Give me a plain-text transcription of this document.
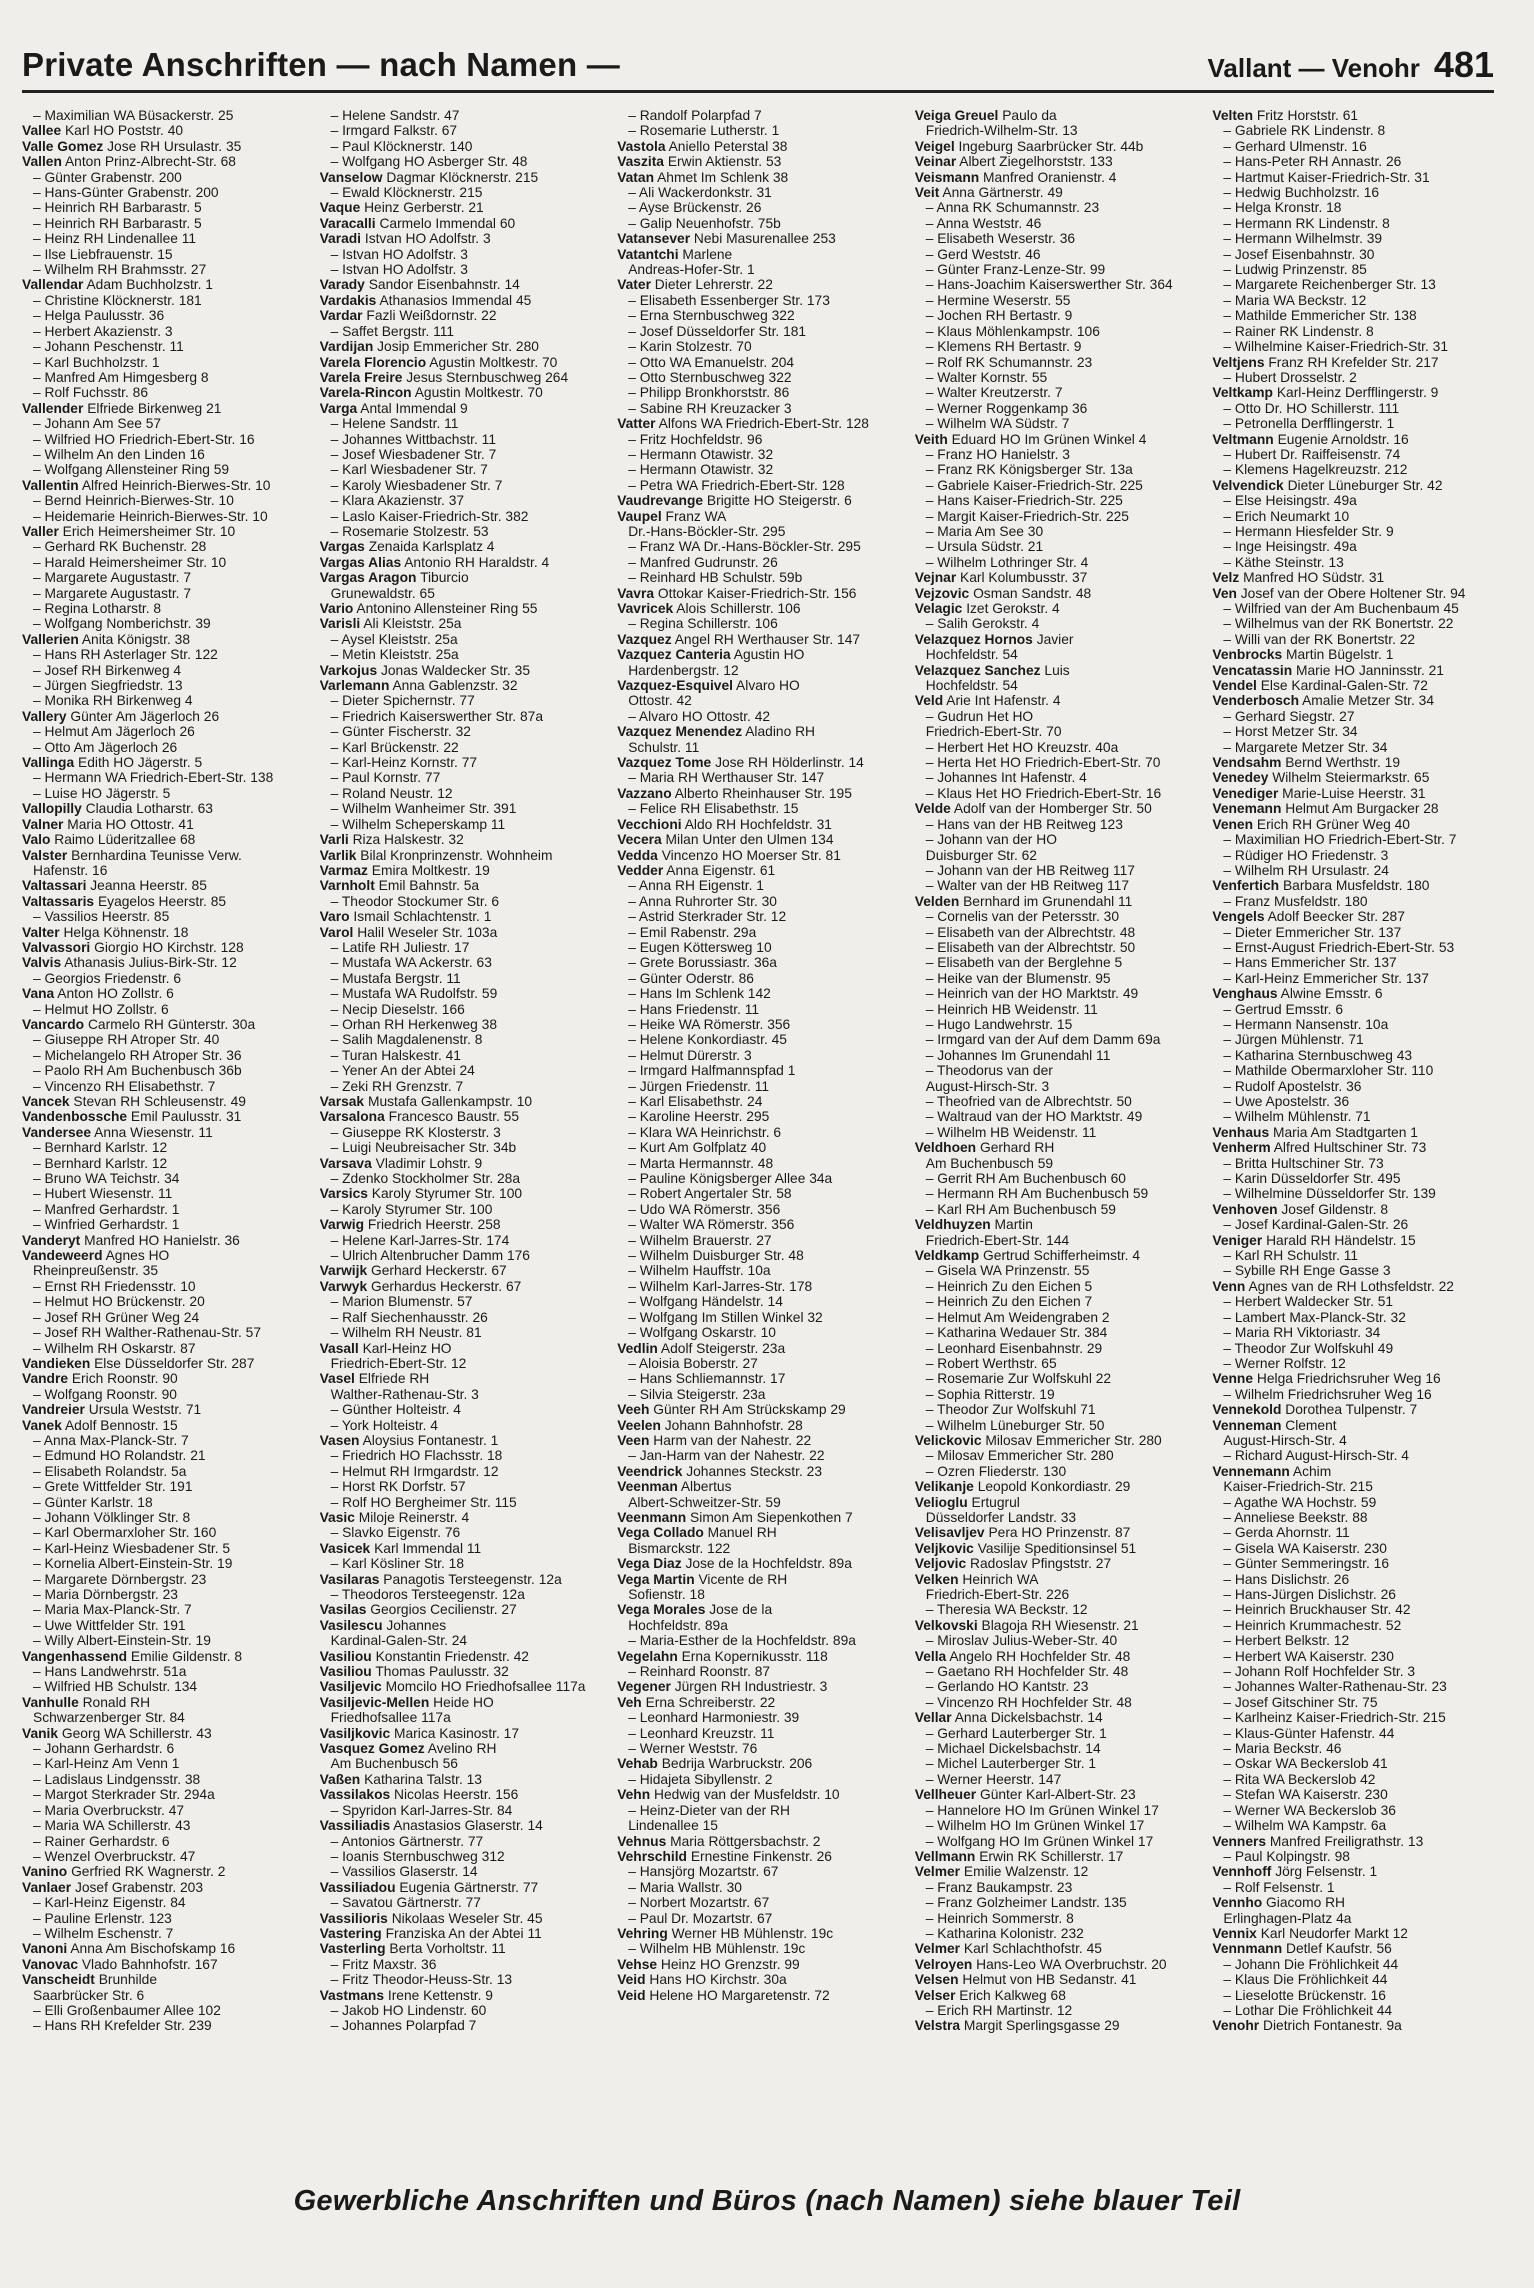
Private Anschriften — nach Namen —	Vallant — Venohr 481
– Maximilian WA Büsackerstr. 25
Vallee Karl HO Poststr. 40
Valle Gomez Jose RH Ursulastr. 35
Vallen Anton Prinz-Albrecht-Str. 68
– Günter Grabenstr. 200
– Hans-Günter Grabenstr. 200
– Heinrich RH Barbarastr. 5
– Heinrich RH Barbarastr. 5
– Heinz RH Lindenallee 11
– Ilse Liebfrauenstr. 15
– Wilhelm RH Brahmsstr. 27
Vallendar Adam Buchholzstr. 1
– Christine Klöcknerstr. 181
– Helga Paulusstr. 36
– Herbert Akazienstr. 3
– Johann Peschenstr. 11
– Karl Buchholzstr. 1
– Manfred Am Himgesberg 8
– Rolf Fuchsstr. 86
Vallender Elfriede Birkenweg 21
– Johann Am See 57
– Wilfried HO Friedrich-Ebert-Str. 16
– Wilhelm An den Linden 16
– Wolfgang Allensteiner Ring 59
Vallentin Alfred Heinrich-Bierwes-Str. 10
– Bernd Heinrich-Bierwes-Str. 10
– Heidemarie Heinrich-Bierwes-Str. 10
Valler Erich Heimersheimer Str. 10
– Gerhard RK Buchenstr. 28
– Harald Heimersheimer Str. 10
– Margarete Augustastr. 7
– Margarete Augustastr. 7
– Regina Lotharstr. 8
– Wolfgang Nomberichstr. 39
Vallerien Anita Königstr. 38
– Hans RH Asterlager Str. 122
– Josef RH Birkenweg 4
– Jürgen Siegfriedstr. 13
– Monika RH Birkenweg 4
Vallery Günter Am Jägerloch 26
– Helmut Am Jägerloch 26
– Otto Am Jägerloch 26
Vallinga Edith HO Jägerstr. 5
– Hermann WA Friedrich-Ebert-Str. 138
– Luise HO Jägerstr. 5
Vallopilly Claudia Lotharstr. 63
Valner Maria HO Ottostr. 41
Valo Raimo Lüderitzallee 68
Valster Bernhardina Teunisse Verw.
Hafenstr. 16
Valtassari Jeanna Heerstr. 85
Valtassaris Eyagelos Heerstr. 85
– Vassilios Heerstr. 85
Valter Helga Köhnenstr. 18
Valvassori Giorgio HO Kirchstr. 128
Valvis Athanasis Julius-Birk-Str. 12
– Georgios Friedenstr. 6
Vana Anton HO Zollstr. 6
– Helmut HO Zollstr. 6
Vancardo Carmelo RH Günterstr. 30a
– Giuseppe RH Atroper Str. 40
– Michelangelo RH Atroper Str. 36
– Paolo RH Am Buchenbusch 36b
– Vincenzo RH Elisabethstr. 7
Vancek Stevan RH Schleusenstr. 49
Vandenbossche Emil Paulusstr. 31
Vandersee Anna Wiesenstr. 11
– Bernhard Karlstr. 12
– Bernhard Karlstr. 12
– Bruno WA Teichstr. 34
– Hubert Wiesenstr. 11
– Manfred Gerhardstr. 1
– Winfried Gerhardstr. 1
Vanderyt Manfred HO Hanielstr. 36
Vandeweerd Agnes HO
Rheinpreußenstr. 35
– Ernst RH Friedensstr. 10
– Helmut HO Brückenstr. 20
– Josef RH Grüner Weg 24
– Josef RH Walther-Rathenau-Str. 57
– Wilhelm RH Oskarstr. 87
Vandieken Else Düsseldorfer Str. 287
Vandre Erich Roonstr. 90
– Wolfgang Roonstr. 90
Vandreier Ursula Weststr. 71
Vanek Adolf Bennostr. 15
– Anna Max-Planck-Str. 7
– Edmund HO Rolandstr. 21
– Elisabeth Rolandstr. 5a
– Grete Wittfelder Str. 191
– Günter Karlstr. 18
– Johann Völklinger Str. 8
– Karl Obermarxloher Str. 160
– Karl-Heinz Wiesbadener Str. 5
– Kornelia Albert-Einstein-Str. 19
– Margarete Dörnbergstr. 23
– Maria Dörnbergstr. 23
– Maria Max-Planck-Str. 7
– Uwe Wittfelder Str. 191
– Willy Albert-Einstein-Str. 19
Vangenhassend Emilie Gildenstr. 8
– Hans Landwehrstr. 51a
– Wilfried HB Schulstr. 134
Vanhulle Ronald RH
Schwarzenberger Str. 84
Vanik Georg WA Schillerstr. 43
– Johann Gerhardstr. 6
– Karl-Heinz Am Venn 1
– Ladislaus Lindgensstr. 38
– Margot Sterkrader Str. 294a
– Maria Overbruckstr. 47
– Maria WA Schillerstr. 43
– Rainer Gerhardstr. 6
– Wenzel Overbruckstr. 47
Vanino Gerfried RK Wagnerstr. 2
Vanlaer Josef Grabenstr. 203
– Karl-Heinz Eigenstr. 84
– Pauline Erlenstr. 123
– Wilhelm Eschenstr. 7
Vanoni Anna Am Bischofskamp 16
Vanovac Vlado Bahnhofstr. 167
Vanscheidt Brunhilde
Saarbrücker Str. 6
– Elli Großenbaumer Allee 102
– Hans RH Krefelder Str. 239
– Helene Sandstr. 47
– Irmgard Falkstr. 67
– Paul Klöcknerstr. 140
– Wolfgang HO Asberger Str. 48
Vanselow Dagmar Klöcknerstr. 215
– Ewald Klöcknerstr. 215
Vaque Heinz Gerberstr. 21
Varacalli Carmelo Immendal 60
Varadi Istvan HO Adolfstr. 3
– Istvan HO Adolfstr. 3
– Istvan HO Adolfstr. 3
Varady Sandor Eisenbahnstr. 14
Vardakis Athanasios Immendal 45
Vardar Fazli Weißdornstr. 22
– Saffet Bergstr. 111
Vardijan Josip Emmericher Str. 280
Varela Florencio Agustin Moltkestr. 70
Varela Freire Jesus Sternbuschweg 264
Varela-Rincon Agustin Moltkestr. 70
Varga Antal Immendal 9
– Helene Sandstr. 11
– Johannes Wittbachstr. 11
– Josef Wiesbadener Str. 7
– Karl Wiesbadener Str. 7
– Karoly Wiesbadener Str. 7
– Klara Akazienstr. 37
– Laslo Kaiser-Friedrich-Str. 382
– Rosemarie Stolzestr. 53
Vargas Zenaida Karlsplatz 4
Vargas Alias Antonio RH Haraldstr. 4
Vargas Aragon Tiburcio
Grunewaldstr. 65
Vario Antonino Allensteiner Ring 55
Varisli Ali Kleiststr. 25a
– Aysel Kleiststr. 25a
– Metin Kleiststr. 25a
Varkojus Jonas Waldecker Str. 35
Varlemann Anna Gablenzstr. 32
– Dieter Spichernstr. 77
– Friedrich Kaiserswerther Str. 87a
– Günter Fischerstr. 32
– Karl Brückenstr. 22
– Karl-Heinz Kornstr. 77
– Paul Kornstr. 77
– Roland Neustr. 12
– Wilhelm Wanheimer Str. 391
– Wilhelm Scheperskamp 11
Varli Riza Halskestr. 32
Varlik Bilal Kronprinzenstr. Wohnheim
Varmaz Emira Moltkestr. 19
Varnholt Emil Bahnstr. 5a
– Theodor Stockumer Str. 6
Varo Ismail Schlachtenstr. 1
Varol Halil Weseler Str. 103a
– Latife RH Juliestr. 17
– Mustafa WA Ackerstr. 63
– Mustafa Bergstr. 11
– Mustafa WA Rudolfstr. 59
– Necip Dieselstr. 166
– Orhan RH Herkenweg 38
– Salih Magdalenenstr. 8
– Turan Halskestr. 41
– Yener An der Abtei 24
– Zeki RH Grenzstr. 7
Varsak Mustafa Gallenkampstr. 10
Varsalona Francesco Baustr. 55
– Giuseppe RK Klosterstr. 3
– Luigi Neubreisacher Str. 34b
Varsava Vladimir Lohstr. 9
– Zdenko Stockholmer Str. 28a
Varsics Karoly Styrumer Str. 100
– Karoly Styrumer Str. 100
Varwig Friedrich Heerstr. 258
– Helene Karl-Jarres-Str. 174
– Ulrich Altenbrucher Damm 176
Varwijk Gerhard Heckerstr. 67
Varwyk Gerhardus Heckerstr. 67
– Marion Blumenstr. 57
– Ralf Siechenhausstr. 26
– Wilhelm RH Neustr. 81
Vasall Karl-Heinz HO
Friedrich-Ebert-Str. 12
Vasel Elfriede RH
Walther-Rathenau-Str. 3
– Günther Holteistr. 4
– York Holteistr. 4
Vasen Aloysius Fontanestr. 1
– Friedrich HO Flachsstr. 18
– Helmut RH Irmgardstr. 12
– Horst RK Dorfstr. 57
– Rolf HO Bergheimer Str. 115
Vasic Miloje Reinerstr. 4
– Slavko Eigenstr. 76
Vasicek Karl Immendal 11
– Karl Kösliner Str. 18
Vasilaras Panagotis Tersteegenstr. 12a
– Theodoros Tersteegenstr. 12a
Vasilas Georgios Cecilienstr. 27
Vasilescu Johannes
Kardinal-Galen-Str. 24
Vasiliou Konstantin Friedenstr. 42
Vasiliou Thomas Paulusstr. 32
Vasiljevic Momcilo HO Friedhofsallee 117a
Vasiljevic-Mellen Heide HO
Friedhofsallee 117a
Vasiljkovic Marica Kasinostr. 17
Vasquez Gomez Avelino RH
Am Buchenbusch 56
Vaßen Katharina Talstr. 13
Vassilakos Nicolas Heerstr. 156
– Spyridon Karl-Jarres-Str. 84
Vassiliadis Anastasios Glaserstr. 14
– Antonios Gärtnerstr. 77
– Ioanis Sternbuschweg 312
– Vassilios Glaserstr. 14
Vassiliadou Eugenia Gärtnerstr. 77
– Savatou Gärtnerstr. 77
Vassilioris Nikolaas Weseler Str. 45
Vastering Franziska An der Abtei 11
Vasterling Berta Vorholtstr. 11
– Fritz Maxstr. 36
– Fritz Theodor-Heuss-Str. 13
Vastmans Irene Kettenstr. 9
– Jakob HO Lindenstr. 60
– Johannes Polarpfad 7
– Randolf Polarpfad 7
– Rosemarie Lutherstr. 1
Vastola Aniello Peterstal 38
Vaszita Erwin Aktienstr. 53
Vatan Ahmet Im Schlenk 38
– Ali Wackerdonkstr. 31
– Ayse Brückenstr. 26
– Galip Neuenhofstr. 75b
Vatansever Nebi Masurenallee 253
Vatantchi Marlene
Andreas-Hofer-Str. 1
Vater Dieter Lehrerstr. 22
– Elisabeth Essenberger Str. 173
– Erna Sternbuschweg 322
– Josef Düsseldorfer Str. 181
– Karin Stolzestr. 70
– Otto WA Emanuelstr. 204
– Otto Sternbuschweg 322
– Philipp Bronkhorststr. 86
– Sabine RH Kreuzacker 3
Vatter Alfons WA Friedrich-Ebert-Str. 128
– Fritz Hochfeldstr. 96
– Hermann Otawistr. 32
– Hermann Otawistr. 32
– Petra WA Friedrich-Ebert-Str. 128
Vaudrevange Brigitte HO Steigerstr. 6
Vaupel Franz WA
Dr.-Hans-Böckler-Str. 295
– Franz WA Dr.-Hans-Böckler-Str. 295
– Manfred Gudrunstr. 26
– Reinhard HB Schulstr. 59b
Vavra Ottokar Kaiser-Friedrich-Str. 156
Vavricek Alois Schillerstr. 106
– Regina Schillerstr. 106
Vazquez Angel RH Werthauser Str. 147
Vazquez Canteria Agustin HO
Hardenbergstr. 12
Vazquez-Esquivel Alvaro HO
Ottostr. 42
– Alvaro HO Ottostr. 42
Vazquez Menendez Aladino RH
Schulstr. 11
Vazquez Tome Jose RH Hölderlinstr. 14
– Maria RH Werthauser Str. 147
Vazzano Alberto Rheinhauser Str. 195
– Felice RH Elisabethstr. 15
Vecchioni Aldo RH Hochfeldstr. 31
Vecera Milan Unter den Ulmen 134
Vedda Vincenzo HO Moerser Str. 81
Vedder Anna Eigenstr. 61
– Anna RH Eigenstr. 1
– Anna Ruhrorter Str. 30
– Astrid Sterkrader Str. 12
– Emil Rabenstr. 29a
– Eugen Köttersweg 10
– Grete Borussiastr. 36a
– Günter Oderstr. 86
– Hans Im Schlenk 142
– Hans Friedenstr. 11
– Heike WA Römerstr. 356
– Helene Konkordiastr. 45
– Helmut Dürerstr. 3
– Irmgard Halfmannspfad 1
– Jürgen Friedenstr. 11
– Karl Elisabethstr. 24
– Karoline Heerstr. 295
– Klara WA Heinrichstr. 6
– Kurt Am Golfplatz 40
– Marta Hermannstr. 48
– Pauline Königsberger Allee 34a
– Robert Angertaler Str. 58
– Udo WA Römerstr. 356
– Walter WA Römerstr. 356
– Wilhelm Brauerstr. 27
– Wilhelm Duisburger Str. 48
– Wilhelm Hauffstr. 10a
– Wilhelm Karl-Jarres-Str. 178
– Wolfgang Händelstr. 14
– Wolfgang Im Stillen Winkel 32
– Wolfgang Oskarstr. 10
Vedlin Adolf Steigerstr. 23a
– Aloisia Boberstr. 27
– Hans Schliemannstr. 17
– Silvia Steigerstr. 23a
Veeh Günter RH Am Strückskamp 29
Veelen Johann Bahnhofstr. 28
Veen Harm van der Nahestr. 22
– Jan-Harm van der Nahestr. 22
Veendrick Johannes Steckstr. 23
Veenman Albertus
Albert-Schweitzer-Str. 59
Veenmann Simon Am Siepenkothen 7
Vega Collado Manuel RH
Bismarckstr. 122
Vega Diaz Jose de la Hochfeldstr. 89a
Vega Martin Vicente de RH
Sofienstr. 18
Vega Morales Jose de la
Hochfeldstr. 89a
– Maria-Esther de la Hochfeldstr. 89a
Vegelahn Erna Kopernikusstr. 118
– Reinhard Roonstr. 87
Vegener Jürgen RH Industriestr. 3
Veh Erna Schreiberstr. 22
– Leonhard Harmoniestr. 39
– Leonhard Kreuzstr. 11
– Werner Weststr. 76
Vehab Bedrija Warbruckstr. 206
– Hidajeta Sibyllenstr. 2
Vehn Hedwig van der Musfeldstr. 10
– Heinz-Dieter van der RH
Lindenallee 15
Vehnus Maria Röttgersbachstr. 2
Vehrschild Ernestine Finkenstr. 26
– Hansjörg Mozartstr. 67
– Maria Wallstr. 30
– Norbert Mozartstr. 67
– Paul Dr. Mozartstr. 67
Vehring Werner HB Mühlenstr. 19c
– Wilhelm HB Mühlenstr. 19c
Vehse Heinz HO Grenzstr. 99
Veid Hans HO Kirchstr. 30a
Veid Helene HO Margaretenstr. 72
Veiga Greuel Paulo da
Friedrich-Wilhelm-Str. 13
Veigel Ingeburg Saarbrücker Str. 44b
Veinar Albert Ziegelhorststr. 133
Veismann Manfred Oranienstr. 4
Veit Anna Gärtnerstr. 49
– Anna RK Schumannstr. 23
– Anna Weststr. 46
– Elisabeth Weserstr. 36
– Gerd Weststr. 46
– Günter Franz-Lenze-Str. 99
– Hans-Joachim Kaiserswerther Str. 364
– Hermine Weserstr. 55
– Jochen RH Bertastr. 9
– Klaus Möhlenkampstr. 106
– Klemens RH Bertastr. 9
– Rolf RK Schumannstr. 23
– Walter Kornstr. 55
– Walter Kreutzerstr. 7
– Werner Roggenkamp 36
– Wilhelm WA Südstr. 7
Veith Eduard HO Im Grünen Winkel 4
– Franz HO Hanielstr. 3
– Franz RK Königsberger Str. 13a
– Gabriele Kaiser-Friedrich-Str. 225
– Hans Kaiser-Friedrich-Str. 225
– Margit Kaiser-Friedrich-Str. 225
– Maria Am See 30
– Ursula Südstr. 21
– Wilhelm Lothringer Str. 4
Vejnar Karl Kolumbusstr. 37
Vejzovic Osman Sandstr. 48
Velagic Izet Gerokstr. 4
– Salih Gerokstr. 4
Velazquez Hornos Javier
Hochfeldstr. 54
Velazquez Sanchez Luis
Hochfeldstr. 54
Veld Arie Int Hafenstr. 4
– Gudrun Het HO
Friedrich-Ebert-Str. 70
– Herbert Het HO Kreuzstr. 40a
– Herta Het HO Friedrich-Ebert-Str. 70
– Johannes Int Hafenstr. 4
– Klaus Het HO Friedrich-Ebert-Str. 16
Velde Adolf van der Homberger Str. 50
– Hans van der HB Reitweg 123
– Johann van der HO
Duisburger Str. 62
– Johann van der HB Reitweg 117
– Walter van der HB Reitweg 117
Velden Bernhard im Grunendahl 11
– Cornelis van der Petersstr. 30
– Elisabeth van der Albrechtstr. 48
– Elisabeth van der Albrechtstr. 50
– Elisabeth van der Berglehne 5
– Heike van der Blumenstr. 95
– Heinrich van der HO Marktstr. 49
– Heinrich HB Weidenstr. 11
– Hugo Landwehrstr. 15
– Irmgard van der Auf dem Damm 69a
– Johannes Im Grunendahl 11
– Theodorus van der
August-Hirsch-Str. 3
– Theofried van de Albrechtstr. 50
– Waltraud van der HO Marktstr. 49
– Wilhelm HB Weidenstr. 11
Veldhoen Gerhard RH
Am Buchenbusch 59
– Gerrit RH Am Buchenbusch 60
– Hermann RH Am Buchenbusch 59
– Karl RH Am Buchenbusch 59
Veldhuyzen Martin
Friedrich-Ebert-Str. 144
Veldkamp Gertrud Schifferheimstr. 4
– Gisela WA Prinzenstr. 55
– Heinrich Zu den Eichen 5
– Heinrich Zu den Eichen 7
– Helmut Am Weidengraben 2
– Katharina Wedauer Str. 384
– Leonhard Eisenbahnstr. 29
– Robert Werthstr. 65
– Rosemarie Zur Wolfskuhl 22
– Sophia Ritterstr. 19
– Theodor Zur Wolfskuhl 71
– Wilhelm Lüneburger Str. 50
Velickovic Milosav Emmericher Str. 280
– Milosav Emmericher Str. 280
– Ozren Fliederstr. 130
Velikanje Leopold Konkordiastr. 29
Velioglu Ertugrul
Düsseldorfer Landstr. 33
Velisavljev Pera HO Prinzenstr. 87
Veljkovic Vasilije Speditionsinsel 51
Veljovic Radoslav Pfingststr. 27
Velken Heinrich WA
Friedrich-Ebert-Str. 226
– Theresia WA Beckstr. 12
Velkovski Blagoja RH Wiesenstr. 21
– Miroslav Julius-Weber-Str. 40
Vella Angelo RH Hochfelder Str. 48
– Gaetano RH Hochfelder Str. 48
– Gerlando HO Kantstr. 23
– Vincenzo RH Hochfelder Str. 48
Vellar Anna Dickelsbachstr. 14
– Gerhard Lauterberger Str. 1
– Michael Dickelsbachstr. 14
– Michel Lauterberger Str. 1
– Werner Heerstr. 147
Vellheuer Günter Karl-Albert-Str. 23
– Hannelore HO Im Grünen Winkel 17
– Wilhelm HO Im Grünen Winkel 17
– Wolfgang HO Im Grünen Winkel 17
Vellmann Erwin RK Schillerstr. 17
Velmer Emilie Walzenstr. 12
– Franz Baukampstr. 23
– Franz Golzheimer Landstr. 135
– Heinrich Sommerstr. 8
– Katharina Kolonistr. 232
Velmer Karl Schlachthofstr. 45
Velroyen Hans-Leo WA Overbruchstr. 20
Velsen Helmut von HB Sedanstr. 41
Velser Erich Kalkweg 68
– Erich RH Martinstr. 12
Velstra Margit Sperlingsgasse 29
Velten Fritz Horststr. 61
– Gabriele RK Lindenstr. 8
– Gerhard Ulmenstr. 16
– Hans-Peter RH Annastr. 26
– Hartmut Kaiser-Friedrich-Str. 31
– Hedwig Buchholzstr. 16
– Helga Kronstr. 18
– Hermann RK Lindenstr. 8
– Hermann Wilhelmstr. 39
– Josef Eisenbahnstr. 30
– Ludwig Prinzenstr. 85
– Margarete Reichenberger Str. 13
– Maria WA Beckstr. 12
– Mathilde Emmericher Str. 138
– Rainer RK Lindenstr. 8
– Wilhelmine Kaiser-Friedrich-Str. 31
Veltjens Franz RH Krefelder Str. 217
– Hubert Drosselstr. 2
Veltkamp Karl-Heinz Derfflingerstr. 9
– Otto Dr. HO Schillerstr. 111
– Petronella Derfflingerstr. 1
Veltmann Eugenie Arnoldstr. 16
– Hubert Dr. Raiffeisenstr. 74
– Klemens Hagelkreuzstr. 212
Velvendick Dieter Lüneburger Str. 42
– Else Heisingstr. 49a
– Erich Neumarkt 10
– Hermann Hiesfelder Str. 9
– Inge Heisingstr. 49a
– Käthe Steinstr. 13
Velz Manfred HO Südstr. 31
Ven Josef van der Obere Holtener Str. 94
– Wilfried van der Am Buchenbaum 45
– Wilhelmus van der RK Bonertstr. 22
– Willi van der RK Bonertstr. 22
Venbrocks Martin Bügelstr. 1
Vencatassin Marie HO Janninsstr. 21
Vendel Else Kardinal-Galen-Str. 72
Venderbosch Amalie Metzer Str. 34
– Gerhard Siegstr. 27
– Horst Metzer Str. 34
– Margarete Metzer Str. 34
Vendsahm Bernd Werthstr. 19
Venedey Wilhelm Steiermarkstr. 65
Venediger Marie-Luise Heerstr. 31
Venemann Helmut Am Burgacker 28
Venen Erich RH Grüner Weg 40
– Maximilian HO Friedrich-Ebert-Str. 7
– Rüdiger HO Friedenstr. 3
– Wilhelm RH Ursulastr. 24
Venfertich Barbara Musfeldstr. 180
– Franz Musfeldstr. 180
Vengels Adolf Beecker Str. 287
– Dieter Emmericher Str. 137
– Ernst-August Friedrich-Ebert-Str. 53
– Hans Emmericher Str. 137
– Karl-Heinz Emmericher Str. 137
Venghaus Alwine Emsstr. 6
– Gertrud Emsstr. 6
– Hermann Nansenstr. 10a
– Jürgen Mühlenstr. 71
– Katharina Sternbuschweg 43
– Mathilde Obermarxloher Str. 110
– Rudolf Apostelstr. 36
– Uwe Apostelstr. 36
– Wilhelm Mühlenstr. 71
Venhaus Maria Am Stadtgarten 1
Venherm Alfred Hultschiner Str. 73
– Britta Hultschiner Str. 73
– Karin Düsseldorfer Str. 495
– Wilhelmine Düsseldorfer Str. 139
Venhoven Josef Gildenstr. 8
– Josef Kardinal-Galen-Str. 26
Veniger Harald RH Händelstr. 15
– Karl RH Schulstr. 11
– Sybille RH Enge Gasse 3
Venn Agnes van de RH Lothsfeldstr. 22
– Herbert Waldecker Str. 51
– Lambert Max-Planck-Str. 32
– Maria RH Viktoriastr. 34
– Theodor Zur Wolfskuhl 49
– Werner Rolfstr. 12
Venne Helga Friedrichsruher Weg 16
– Wilhelm Friedrichsruher Weg 16
Vennekold Dorothea Tulpenstr. 7
Venneman Clement
August-Hirsch-Str. 4
– Richard August-Hirsch-Str. 4
Vennemann Achim
Kaiser-Friedrich-Str. 215
– Agathe WA Hochstr. 59
– Anneliese Beekstr. 88
– Gerda Ahornstr. 11
– Gisela WA Kaiserstr. 230
– Günter Semmeringstr. 16
– Hans Dislichstr. 26
– Hans-Jürgen Dislichstr. 26
– Heinrich Bruckhauser Str. 42
– Heinrich Krummachestr. 52
– Herbert Belkstr. 12
– Herbert WA Kaiserstr. 230
– Johann Rolf Hochfelder Str. 3
– Johannes Walter-Rathenau-Str. 23
– Josef Gitschiner Str. 75
– Karlheinz Kaiser-Friedrich-Str. 215
– Klaus-Günter Hafenstr. 44
– Maria Beckstr. 46
– Oskar WA Beckerslob 41
– Rita WA Beckerslob 42
– Stefan WA Kaiserstr. 230
– Werner WA Beckerslob 36
– Wilhelm WA Kampstr. 6a
Venners Manfred Freiligrathstr. 13
– Paul Kolpingstr. 98
Vennhoff Jörg Felsenstr. 1
– Rolf Felsenstr. 1
Vennho Giacomo RH
Erlinghagen-Platz 4a
Vennix Karl Neudorfer Markt 12
Vennmann Detlef Kaufstr. 56
– Johann Die Fröhlichkeit 44
– Klaus Die Fröhlichkeit 44
– Lieselotte Brückenstr. 16
– Lothar Die Fröhlichkeit 44
Venohr Dietrich Fontanestr. 9a
Gewerbliche Anschriften und Büros (nach Namen) siehe blauer Teil
